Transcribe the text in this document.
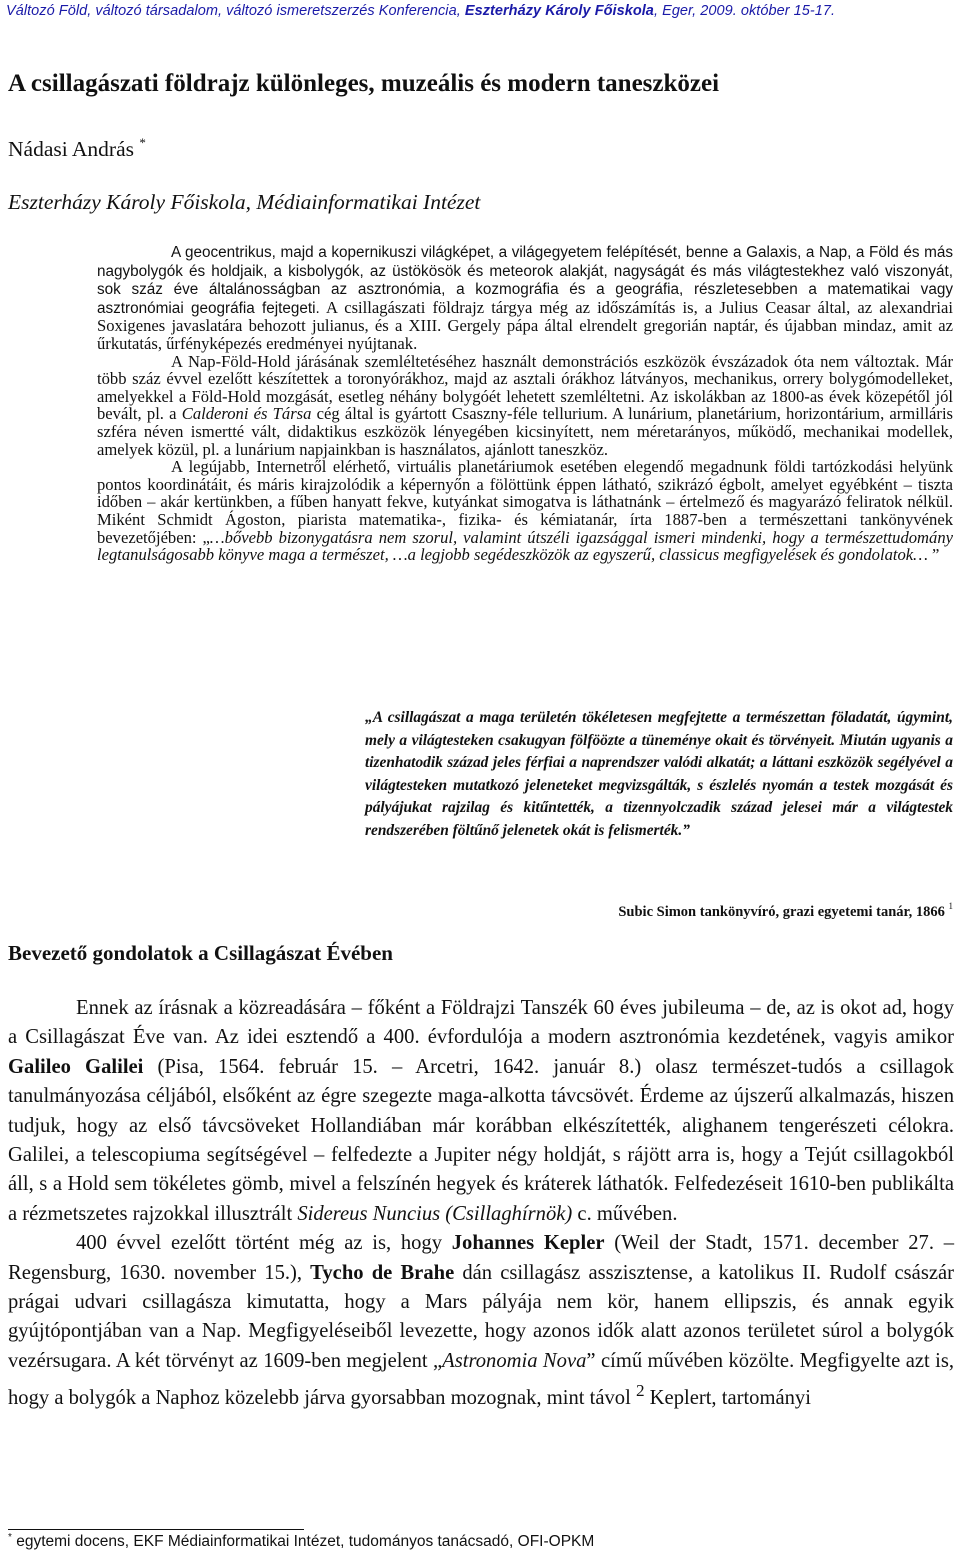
Változó Föld, változó társadalom, változó ismeretszerzés Konferencia, Eszterházy Károly Főiskola, Eger, 2009. október 15-17.
A csillagászati földrajz különleges, muzeális és modern taneszközei
Nádasi András *
Eszterházy Károly Főiskola, Médiainformatikai Intézet

A geocentrikus, majd a kopernikuszi világképet, a világegyetem felépítését, benne a Galaxis, a Nap, a Föld és más nagybolygók és holdjaik, a kisbolygók, az üstökösök és meteorok alakját, nagyságát és más világtestekhez való viszonyát, sok száz éve általánosságban az asztronómia, a kozmográfia és a geográfia, részletesebben a matematikai vagy asztronómiai geográfia fejtegeti. A csillagászati földrajz tárgya még az időszámítás is, a Julius Ceasar által, az alexandriai Soxigenes javaslatára behozott julianus, és a XIII. Gergely pápa által elrendelt gregorián naptár, és újabban mindaz, amit az űrkutatás, űrfényképezés eredményei nyújtanak.

A Nap-Föld-Hold járásának szemléltetéséhez használt demonstrációs eszközök évszázadok óta nem változtak. Már több száz évvel ezelőtt készítettek a toronyórákhoz, majd az asztali órákhoz látványos, mechanikus, orrery bolygómodelleket, amelyekkel a Föld-Hold mozgását, esetleg néhány bolygóét lehetett szemléltetni. Az iskolákban az 1800-as évek közepétől jól bevált, pl. a Calderoni és Társa cég által is gyártott Csaszny-féle tellurium. A lunárium, planetárium, horizontárium, armilláris szféra néven ismertté vált, didaktikus eszközök lényegében kicsinyített, nem méretarányos, működő, mechanikai modellek, amelyek közül, pl. a lunárium napjainkban is használatos, ajánlott taneszköz.

A legújabb, Internetről elérhető, virtuális planetáriumok esetében elegendő megadnunk földi tartózkodási helyünk pontos koordinátáit, és máris kirajzolódik a képernyőn a fölöttünk éppen látható, szikrázó égbolt, amelyet egyébként – tiszta időben – akár kertünkben, a fűben hanyatt fekve, kutyánkat simogatva is láthatnánk – értelmező és magyarázó feliratok nélkül. Miként Schmidt Ágoston, piarista matematika-, fizika- és kémiatanár, írta 1887-ben a természettani tankönyvének bevezetőjében: „…bővebb bizonygatásra nem szorul, valamint útszéli igazsággal ismeri mindenki, hogy a természettudomány legtanulságosabb könyve maga a természet, …a legjobb segédeszközök az egyszerű, classicus megfigyelések és gondolatok… ”

„A csillagászat a maga területén tökéletesen megfejtette a természettan föladatát, úgymint, mely a világtesteken csakugyan fölföözte a tüneménye okait és törvényeit. Miután ugyanis a tizenhatodik század jeles férfiai a naprendszer valódi alkatát; a láttani eszközök segélyével a világtesteken mutatkozó jeleneteket megvizsgálták, s észlelés nyomán a testek mozgását és pályájukat rajzilag és kitűntették, a tizennyolczadik század jelesei már a világtestek rendszerében föltűnő jelenetek okát is felismerték.”
Subic Simon tankönyvíró, grazi egyetemi tanár, 1866 $^1$
Bevezető gondolatok a Csillagászat Évében

Ennek az írásnak a közreadására – főként a Földrajzi Tanszék 60 éves jubileuma – de, az is okot ad, hogy a Csillagászat Éve van. Az idei esztendő a 400. évfordulója a modern asztronómia kezdetének, vagyis amikor Galileo Galilei (Pisa, 1564. február 15. – Arcetri, 1642. január 8.) olasz természet-tudós a csillagok tanulmányozása céljából, elsőként az égre szegezte maga-alkotta távcsövét. Érdeme az újszerű alkalmazás, hiszen tudjuk, hogy az első távcsöveket Hollandiában már korábban elkészítették, alighanem tengerészeti célokra. Galilei, a telescopiuma segítségével – felfedezte a Jupiter négy holdját, s rájött arra is, hogy a Tejút csillagokból áll, s a Hold sem tökéletes gömb, mivel a felszínén hegyek és kráterek láthatók. Felfedezéseit 1610-ben publikálta a rézmetszetes rajzokkal illusztrált Sidereus Nuncius (Csillaghírnök) c. művében.

400 évvel ezelőtt történt még az is, hogy Johannes Kepler (Weil der Stadt, 1571. december 27. – Regensburg, 1630. november 15.), Tycho de Brahe dán csillagász asszisztense, a katolikus II. Rudolf császár prágai udvari csillagásza kimutatta, hogy a Mars pályája nem kör, hanem ellipszis, és annak egyik gyújtópontjában van a Nap. Megfigyeléseiből levezette, hogy azonos idők alatt azonos területet súrol a bolygók vezérsugara. A két törvényt az 1609-ben megjelent „Astronomia Nova” című művében közölte. Megfigyelte azt is, hogy a bolygók a Naphoz közelebb járva gyorsabban mozognak, mint távol $^2$ Keplert, tartományi

* egytemi docens, EKF Médiainformatikai Intézet, tudományos tanácsadó, OFI-OPKM
